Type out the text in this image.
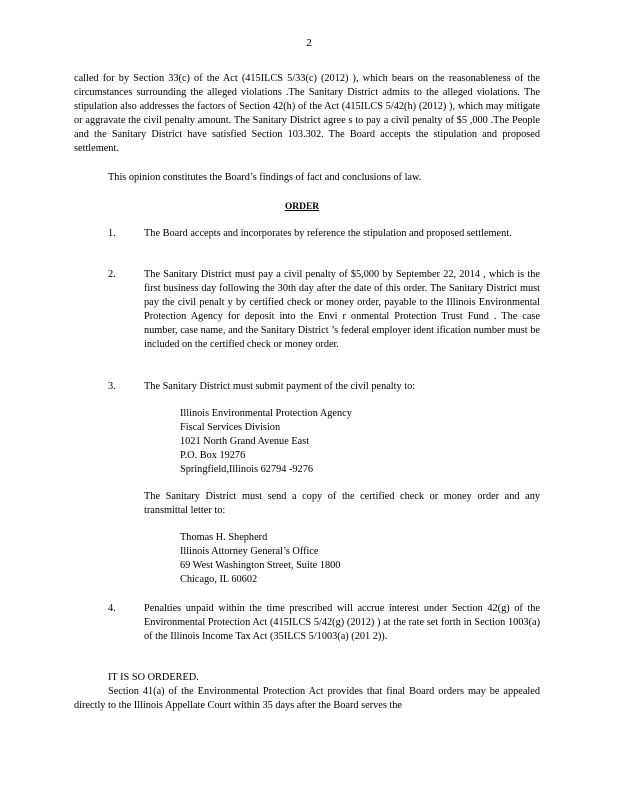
2
called for by Section 33(c) of the Act (415ILCS 5/33(c) (2012) ), which bears on the reasonableness of the circumstances surrounding the alleged violations .The Sanitary District admits to the alleged violations. The stipulation also addresses the factors of Section 42(h) of the Act (415ILCS 5/42(h) (2012) ), which may mitigate or aggravate the civil penalty amount. The Sanitary District agree s to pay a civil penalty of $5 ,000 .The People and the Sanitary District have satisfied Section 103.302. The Board accepts the stipulation and proposed settlement.
This opinion constitutes the Board’s findings of fact and conclusions of law.
ORDER
1.	The Board accepts and incorporates by reference the stipulation and proposed settlement.
2.	The Sanitary District must pay a civil penalty of $5,000 by September 22, 2014 , which is the first business day following the 30th day after the date of this order. The Sanitary District must pay the civil penalt y by certified check or money order, payable to the Illinois Environmental Protection Agency for deposit into the Envi r onmental Protection Trust Fund . The case number, case name, and the Sanitary District ’s federal employer ident ification number must be included on the certified check or money order.
3.	The Sanitary District must submit payment of the civil penalty to:
Illinois Environmental Protection Agency
Fiscal Services Division
1021 North Grand Avenue East
P.O. Box 19276
Springfield,Illinois 62794 -9276
The Sanitary District must send a copy of the certified check or money order and any transmittal letter to:
Thomas H. Shepherd
Illinois Attorney General’s Office
69 West Washington Street, Suite 1800
Chicago, IL 60602
4.	Penalties unpaid within the time prescribed will accrue interest under Section 42(g) of the Environmental Protection Act (415ILCS 5/42(g) (2012) ) at the rate set forth in Section 1003(a) of the Illinois Income Tax Act (35ILCS 5/1003(a) (201 2)).
IT IS SO ORDERED.
Section 41(a) of the Environmental Protection Act provides that final Board orders may be appealed directly to the Illinois Appellate Court within 35 days after the Board serves the
